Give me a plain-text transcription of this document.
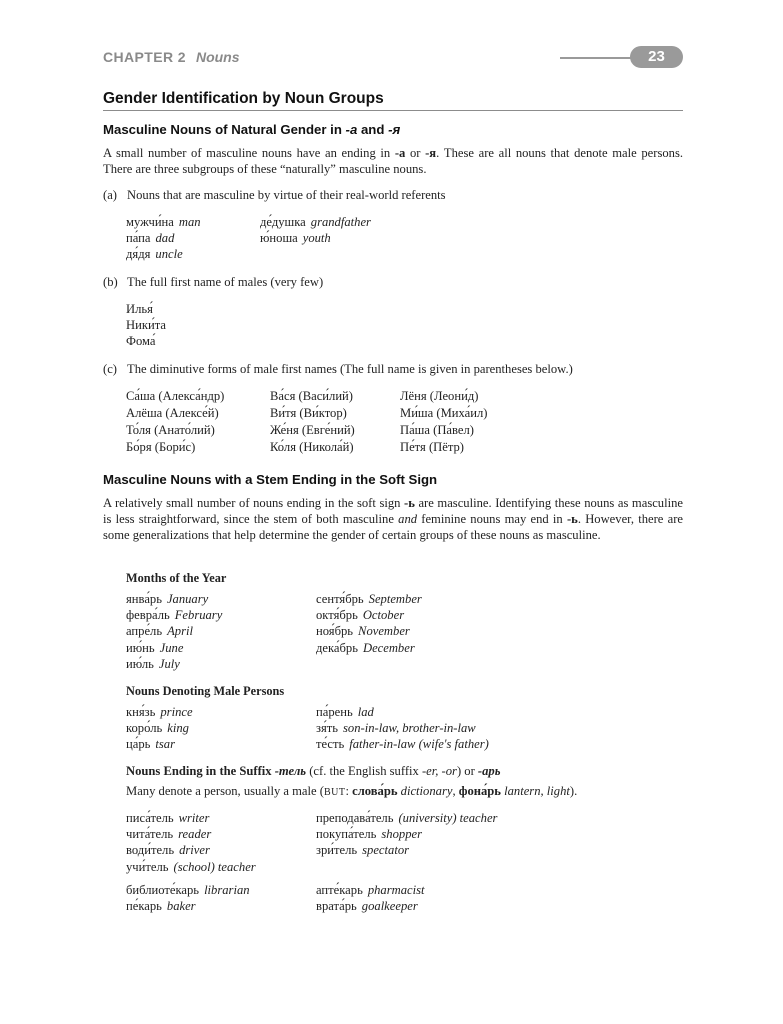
CHAPTER 2 Nouns	23
Gender Identification by Noun Groups
Masculine Nouns of Natural Gender in -а and -я

A small number of masculine nouns have an ending in -а or -я. These are all nouns that denote male persons. There are three subgroups of these “naturally” masculine nouns.

(a) Nouns that are masculine by virtue of their real-world referents

мужчи́на man
па́па dad
дя́дя uncle
де́душка grandfather
ю́ноша youth

(b) The full first name of males (very few)

Илья́
Ники́та
Фома́

(c) The diminutive forms of male first names (The full name is given in parentheses below.)

Са́ша (Алекса́ндр)
Алёша (Алексе́й)
То́ля (Анато́лий)
Бо́ря (Бори́с)
Ва́ся (Васи́лий)
Ви́тя (Ви́ктор)
Же́ня (Евге́ний)
Ко́ля (Никола́й)
Лёня (Леони́д)
Ми́ша (Миха́ил)
Па́ша (Па́вел)
Пе́тя (Пётр)
Masculine Nouns with a Stem Ending in the Soft Sign

A relatively small number of nouns ending in the soft sign -ь are masculine. Identifying these nouns as masculine is less straightforward, since the stem of both masculine and feminine nouns may end in -ь. However, there are some generalizations that help determine the gender of certain groups of these nouns as masculine.

Months of the Year
янва́рь January
февра́ль February
апре́ль April
ию́нь June
ию́ль July
сентя́брь September
октя́брь October
ноя́брь November
дека́брь December
Nouns Denoting Male Persons
кня́зь prince
коро́ль king
ца́рь tsar
па́рень lad
зя́ть son-in-law, brother-in-law
те́сть father-in-law (wife's father)
Nouns Ending in the Suffix -тель (cf. the English suffix -er, -or) or -арь
Many denote a person, usually a male (BUT: слова́рь dictionary, фона́рь lantern, light).
писа́тель writer
чита́тель reader
води́тель driver
учи́тель (school) teacher
преподава́тель (university) teacher
покупа́тель shopper
зри́тель spectator
библиоте́карь librarian
пе́карь baker
апте́карь pharmacist
врата́рь goalkeeper
